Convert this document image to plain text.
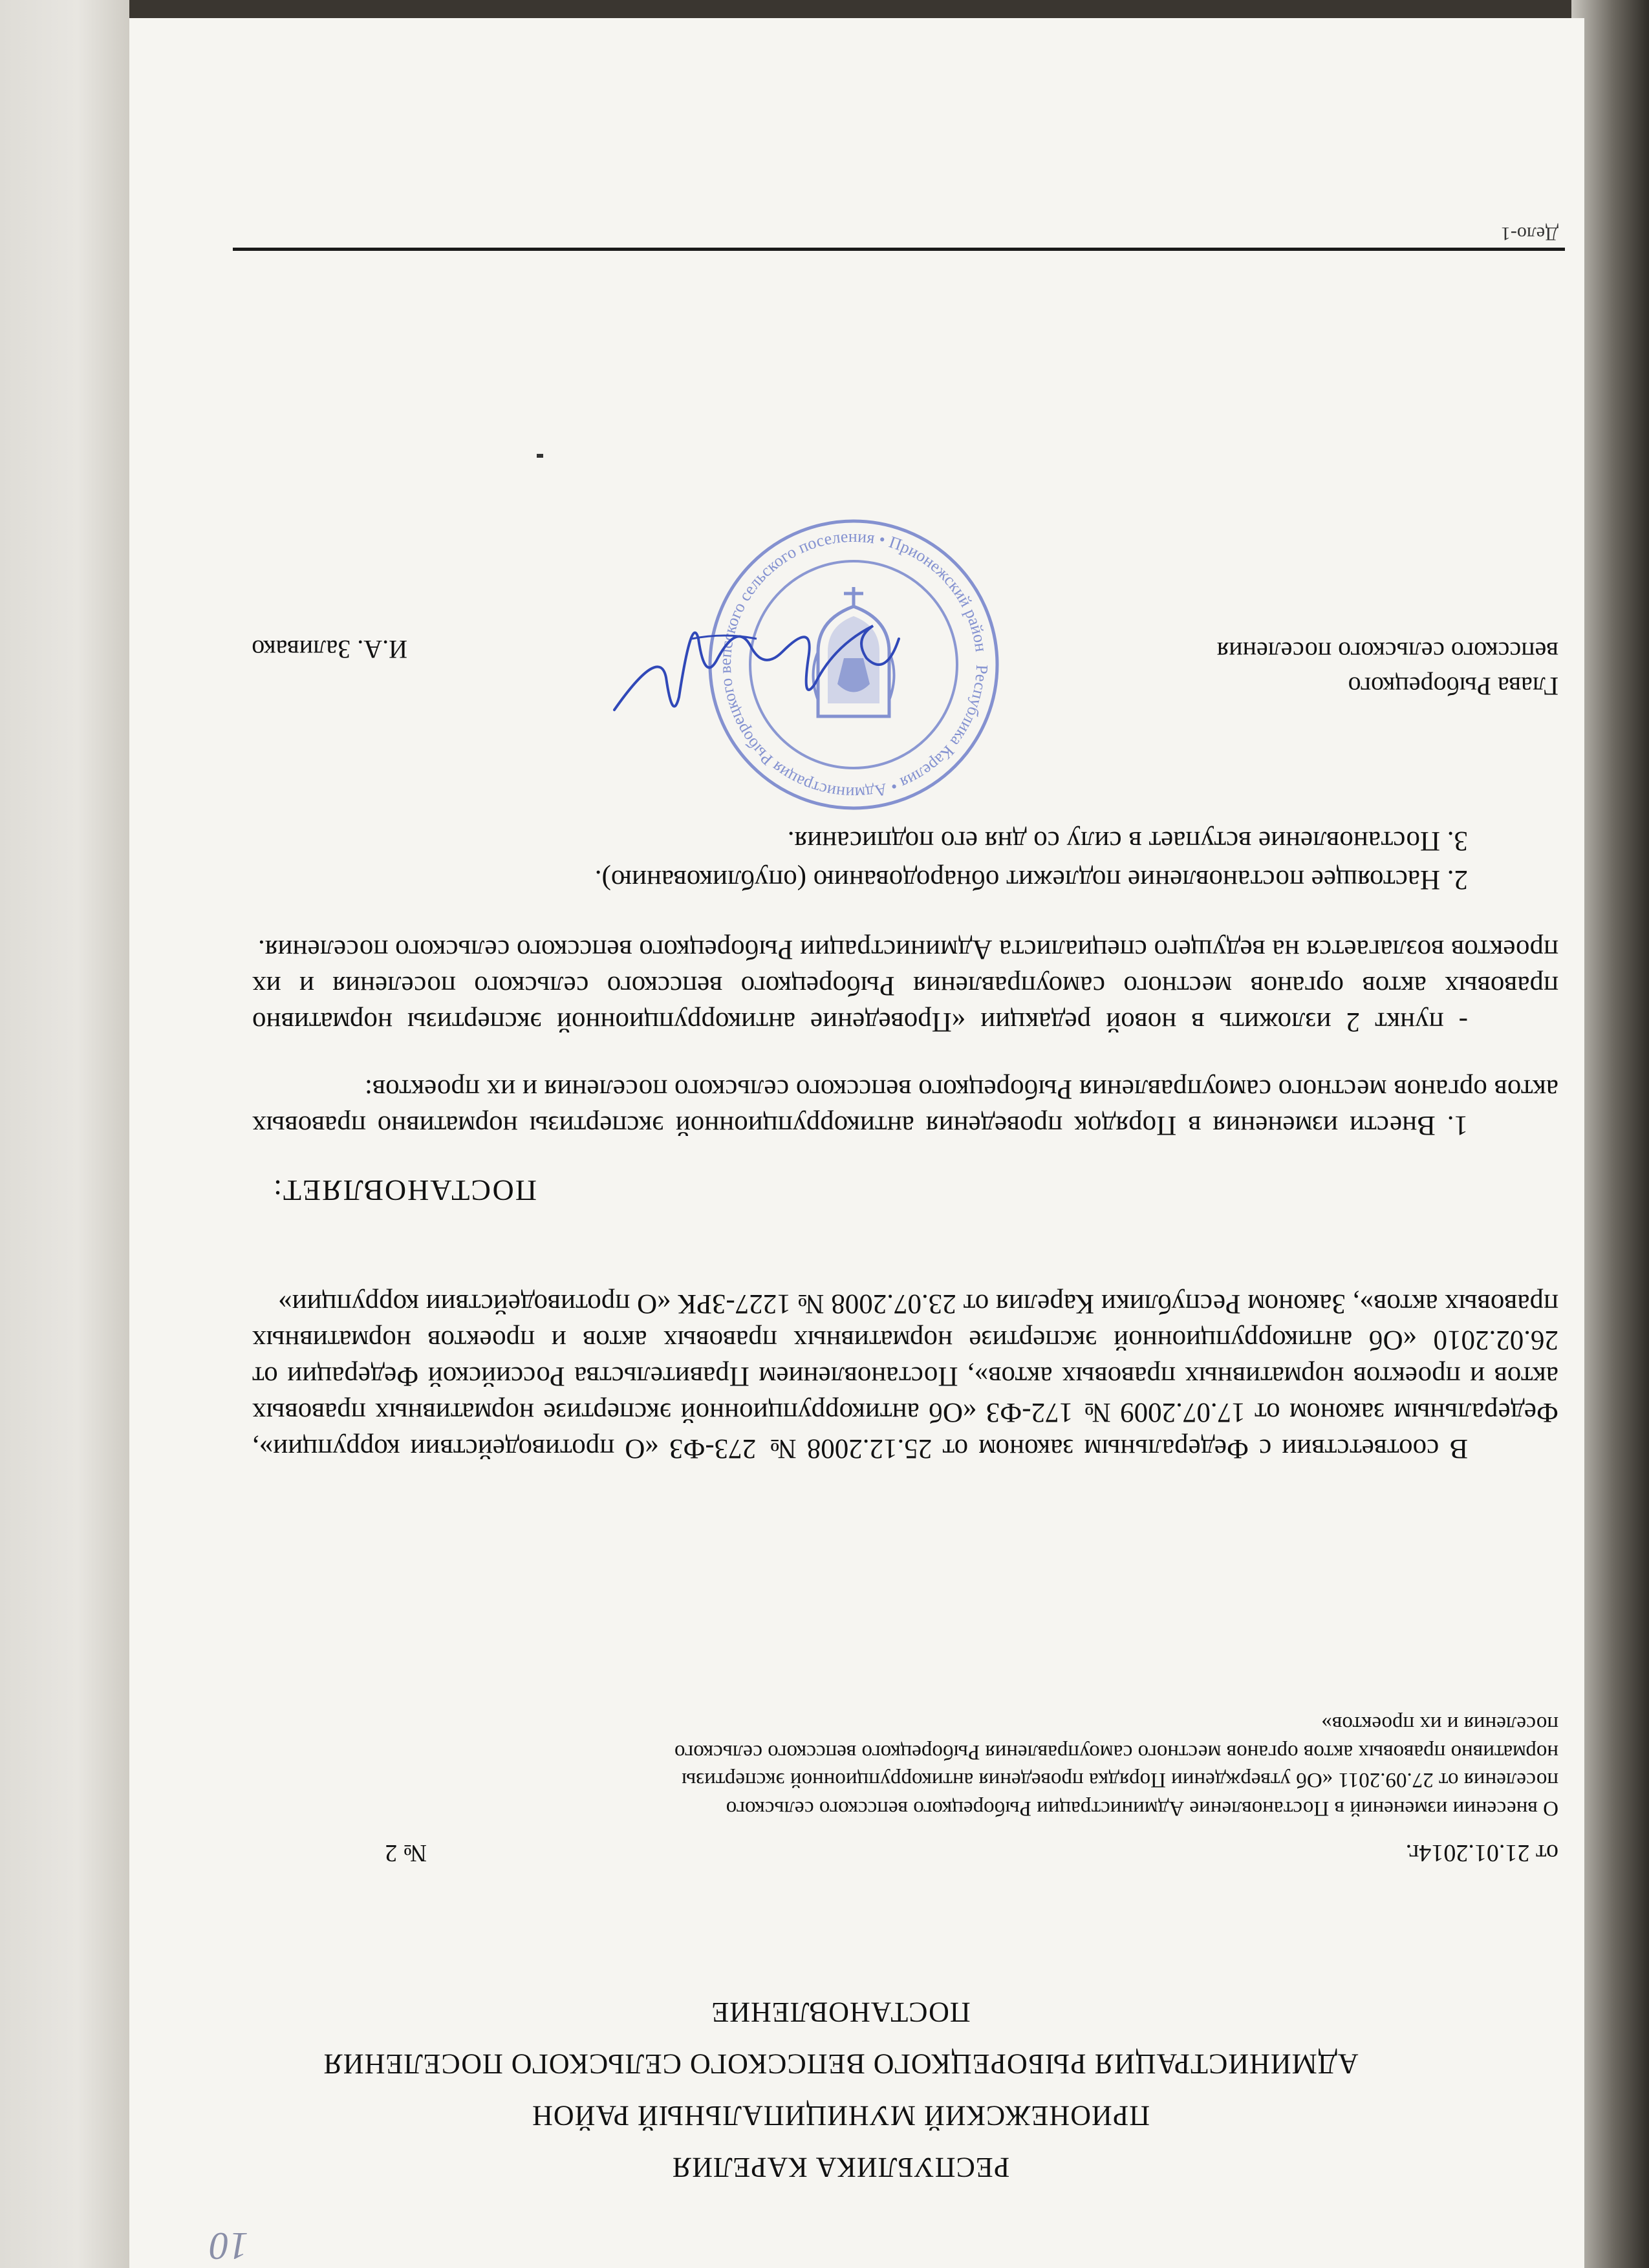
10
РЕСПУБЛИКА КАРЕЛИЯ
ПРИОНЕЖСКИЙ МУНИЦИПАЛЬНЫЙ РАЙОН
АДМИНИСТРАЦИЯ РЫБОРЕЦКОГО ВЕПССКОГО СЕЛЬСКОГО ПОСЕЛЕНИЯ
ПОСТАНОВЛЕНИЕ
от 21.01.2014г.
№ 2
О внесении изменений в Постановление Администрации Рыборецкого вепсского сельского поселения от 27.09.2011 «Об утверждении Порядка проведения антикоррупционной экспертизы нормативно правовых актов органов местного самоуправления Рыборецкого вепсского сельского поселения и их проектов»
В соответствии с Федеральным законом от 25.12.2008 № 273-ФЗ «О противодействии коррупции», Федеральным законом от 17.07.2009 № 172-ФЗ «Об антикоррупционной экспертизе нормативных правовых актов и проектов нормативных правовых актов», Постановлением Правительства Российской Федерации от 26.02.2010 «Об антикоррупционной экспертизе нормативных правовых актов и проектов нормативных правовых актов», Законом Республики Карелия от 23.07.2008 № 1227-ЗРК «О противодействии коррупции»
ПОСТАНОВЛЯЕТ:
1. Внести изменения в Порядок проведения антикоррупционной экспертизы нормативно правовых актов органов местного самоуправления Рыборецкого вепсского сельского поселения и их проектов:
- пункт 2 изложить в новой редакции «Проведение антикоррупционной экспертизы нормативно правовых актов органов местного самоуправления Рыборецкого вепсского сельского поселения и их проектов возлагается на ведущего специалиста Администрации Рыборецкого вепсского сельского поселения.
2. Настоящее постановление подлежит обнародованию (опубликованию).
3. Постановление вступает в силу со дня его подписания.
Глава Рыборецкого
вепсского сельского поселения
И.А. Заливако
Республика Карелия • Администрация Рыборецкого вепсского сельского поселения • Прионежский район
Дело-1
